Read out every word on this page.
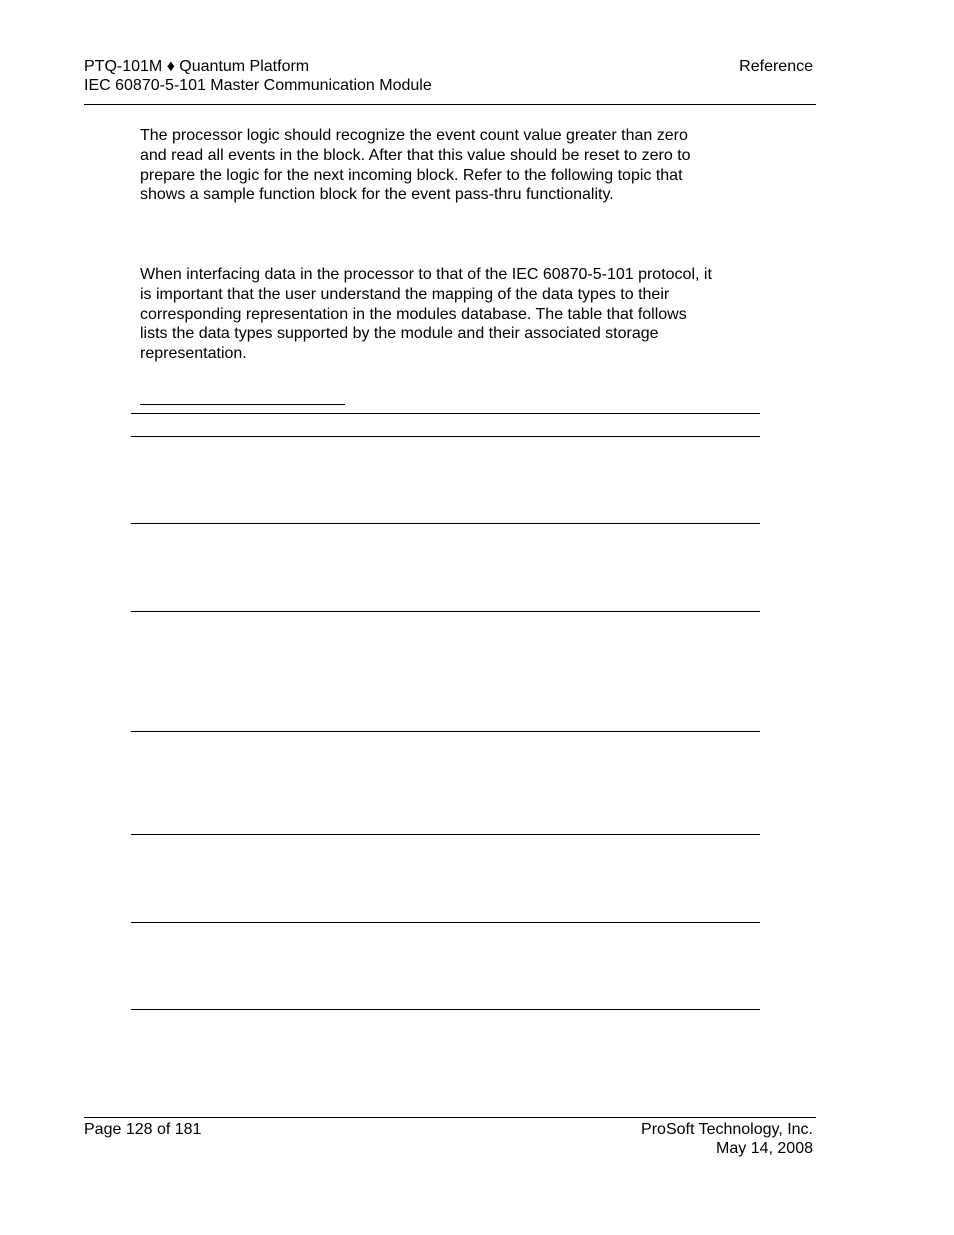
PTQ-101M ♦ Quantum Platform
IEC 60870-5-101 Master Communication Module
Reference
The processor logic should recognize the event count value greater than zero
and read all events in the block. After that this value should be reset to zero to
prepare the logic for the next incoming block. Refer to the following topic that
shows a sample function block for the event pass-thru functionality.
When interfacing data in the processor to that of the IEC 60870-5-101 protocol, it
is important that the user understand the mapping of the data types to their
corresponding representation in the modules database. The table that follows
lists the data types supported by the module and their associated storage
representation.
Page 128 of 181	ProSoft Technology, Inc.
May 14, 2008
